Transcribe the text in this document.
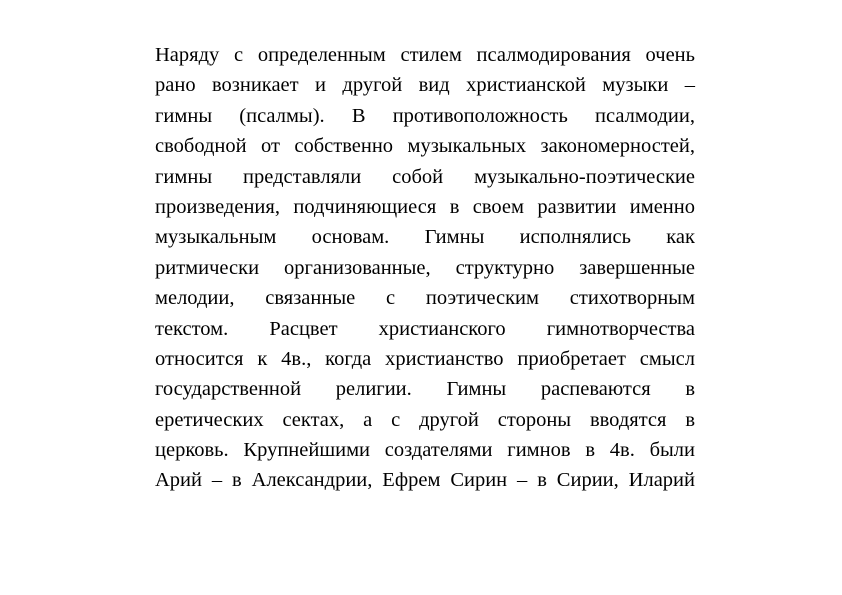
Наряду с определенным стилем псалмодирования очень
рано возникает и другой вид христианской музыки –
гимны (псалмы). В противоположность псалмодии,
свободной от собственно музыкальных закономерностей,
гимны представляли собой музыкально-поэтические
произведения, подчиняющиеся в своем развитии именно
музыкальным основам. Гимны исполнялись как
ритмически организованные, структурно завершенные
мелодии, связанные с поэтическим стихотворным
текстом. Расцвет христианского гимнотворчества
относится к 4в., когда христианство приобретает смысл
государственной религии. Гимны распеваются в
еретических сектах, а с другой стороны вводятся в
церковь. Крупнейшими создателями гимнов в 4в. были
Арий – в Александрии, Ефрем Сирин – в Сирии, Иларий
